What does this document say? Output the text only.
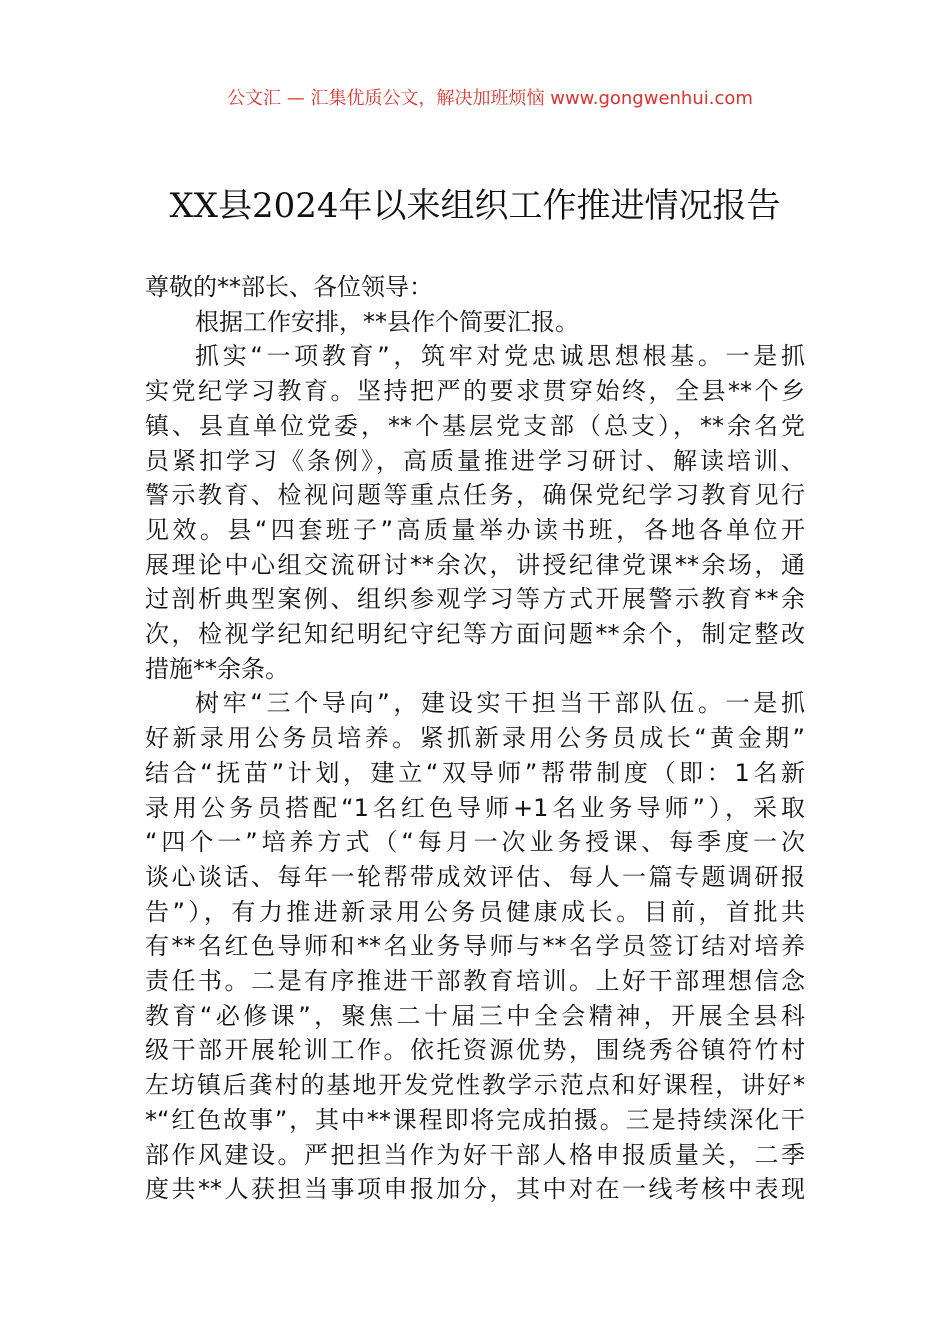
公文汇 — 汇集优质公文，解决加班烦恼 www.gongwenhui.com
XX县2024年以来组织工作推进情况报告
尊敬的**部长、各位领导：
根据工作安排，**县作个简要汇报。
抓实“一项教育”，筑牢对党忠诚思想根基。一是抓
实党纪学习教育。坚持把严的要求贯穿始终，全县**个乡
镇、县直单位党委，**个基层党支部（总支），**余名党
员紧扣学习《条例》，高质量推进学习研讨、解读培训、
警示教育、检视问题等重点任务，确保党纪学习教育见行
见效。县“四套班子”高质量举办读书班，各地各单位开
展理论中心组交流研讨**余次，讲授纪律党课**余场，通
过剖析典型案例、组织参观学习等方式开展警示教育**余
次，检视学纪知纪明纪守纪等方面问题**余个，制定整改
措施**余条。
树牢“三个导向”，建设实干担当干部队伍。一是抓
好新录用公务员培养。紧抓新录用公务员成长“黄金期”
结合“抚苗”计划，建立“双导师”帮带制度（即：1名新
录用公务员搭配“1名红色导师+1名业务导师”），采取
“四个一”培养方式（“每月一次业务授课、每季度一次
谈心谈话、每年一轮帮带成效评估、每人一篇专题调研报
告”），有力推进新录用公务员健康成长。目前，首批共
有**名红色导师和**名业务导师与**名学员签订结对培养
责任书。二是有序推进干部教育培训。上好干部理想信念
教育“必修课”，聚焦二十届三中全会精神，开展全县科
级干部开展轮训工作。依托资源优势，围绕秀谷镇符竹村
左坊镇后龚村的基地开发党性教学示范点和好课程，讲好*
*“红色故事”，其中**课程即将完成拍摄。三是持续深化干
部作风建设。严把担当作为好干部人格申报质量关，二季
度共**人获担当事项申报加分，其中对在一线考核中表现
